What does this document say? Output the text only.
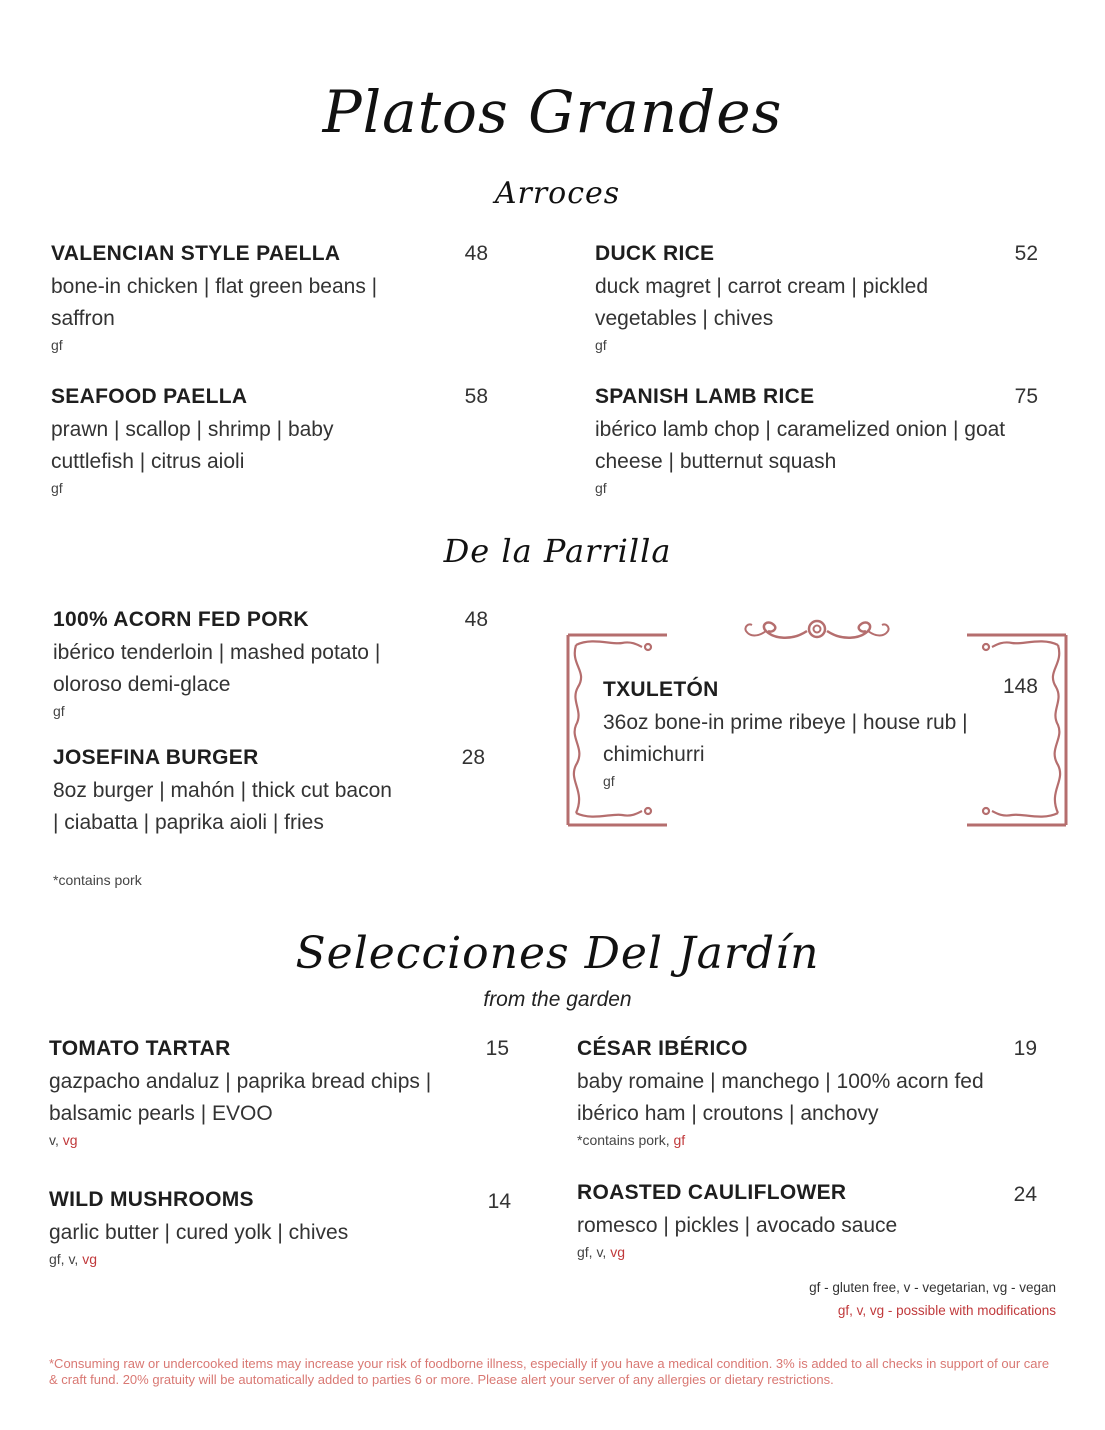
Platos Grandes
Arroces
VALENCIAN STYLE PAELLA	48
bone-in chicken | flat green beans | saffron
gf
DUCK RICE	52
duck magret | carrot cream | pickled vegetables | chives
gf
SEAFOOD PAELLA	58
prawn | scallop | shrimp | baby cuttlefish | citrus aioli
gf
SPANISH LAMB RICE	75
ibérico lamb chop | caramelized onion | goat cheese | butternut squash
gf
De la Parrilla
100% ACORN FED PORK	48
ibérico tenderloin | mashed potato | oloroso demi-glace
gf
JOSEFINA BURGER	28
8oz burger | mahón | thick cut bacon | ciabatta | paprika aioli | fries
*contains pork
TXULETÓN	148
36oz bone-in prime ribeye | house rub | chimichurri
gf
Selecciones Del Jardín
from the garden
TOMATO TARTAR	15
gazpacho andaluz | paprika bread chips | balsamic pearls | EVOO
v, vg
CÉSAR IBÉRICO	19
baby romaine | manchego | 100% acorn fed ibérico ham | croutons | anchovy
*contains pork, gf
WILD MUSHROOMS	14
garlic butter | cured yolk | chives
gf, v, vg
ROASTED CAULIFLOWER	24
romesco | pickles | avocado sauce
gf, v, vg
gf - gluten free, v - vegetarian, vg - vegan
gf, v, vg - possible with modifications
*Consuming raw or undercooked items may increase your risk of foodborne illness, especially if you have a medical condition. 3% is added to all checks in support of our care & craft fund. 20% gratuity will be automatically added to parties 6 or more. Please alert your server of any allergies or dietary restrictions.
